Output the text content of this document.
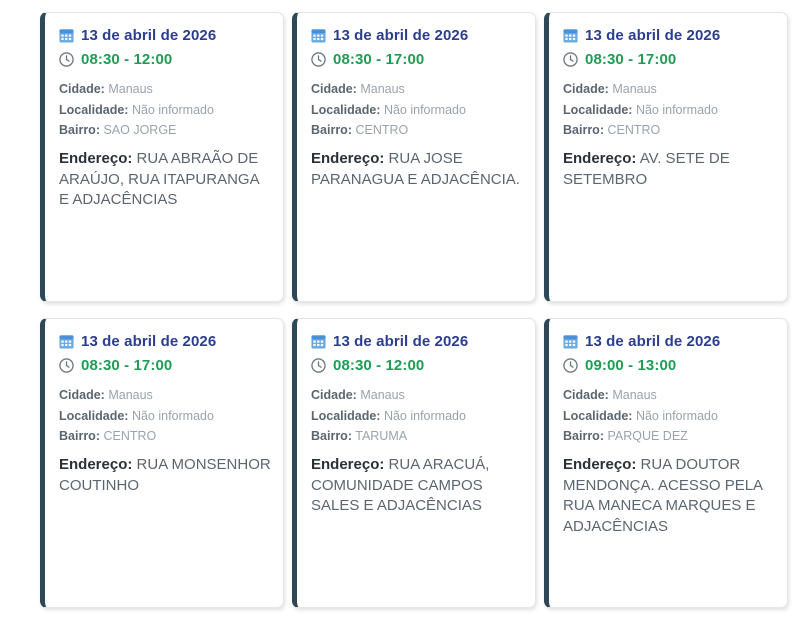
13 de abril de 2026
08:30 - 12:00
Cidade: Manaus
Localidade: Não informado
Bairro: SAO JORGE
Endereço: RUA ABRAÃO DE ARAÚJO, RUA ITAPURANGA E ADJACÊNCIAS
13 de abril de 2026
08:30 - 17:00
Cidade: Manaus
Localidade: Não informado
Bairro: CENTRO
Endereço: RUA JOSE PARANAGUA E ADJACÊNCIA.
13 de abril de 2026
08:30 - 17:00
Cidade: Manaus
Localidade: Não informado
Bairro: CENTRO
Endereço: AV. SETE DE SETEMBRO
13 de abril de 2026
08:30 - 17:00
Cidade: Manaus
Localidade: Não informado
Bairro: CENTRO
Endereço: RUA MONSENHOR COUTINHO
13 de abril de 2026
08:30 - 12:00
Cidade: Manaus
Localidade: Não informado
Bairro: TARUMA
Endereço: RUA ARACUÁ, COMUNIDADE CAMPOS SALES E ADJACÊNCIAS
13 de abril de 2026
09:00 - 13:00
Cidade: Manaus
Localidade: Não informado
Bairro: PARQUE DEZ
Endereço: RUA DOUTOR MENDONÇA. ACESSO PELA RUA MANECA MARQUES E ADJACÊNCIAS
